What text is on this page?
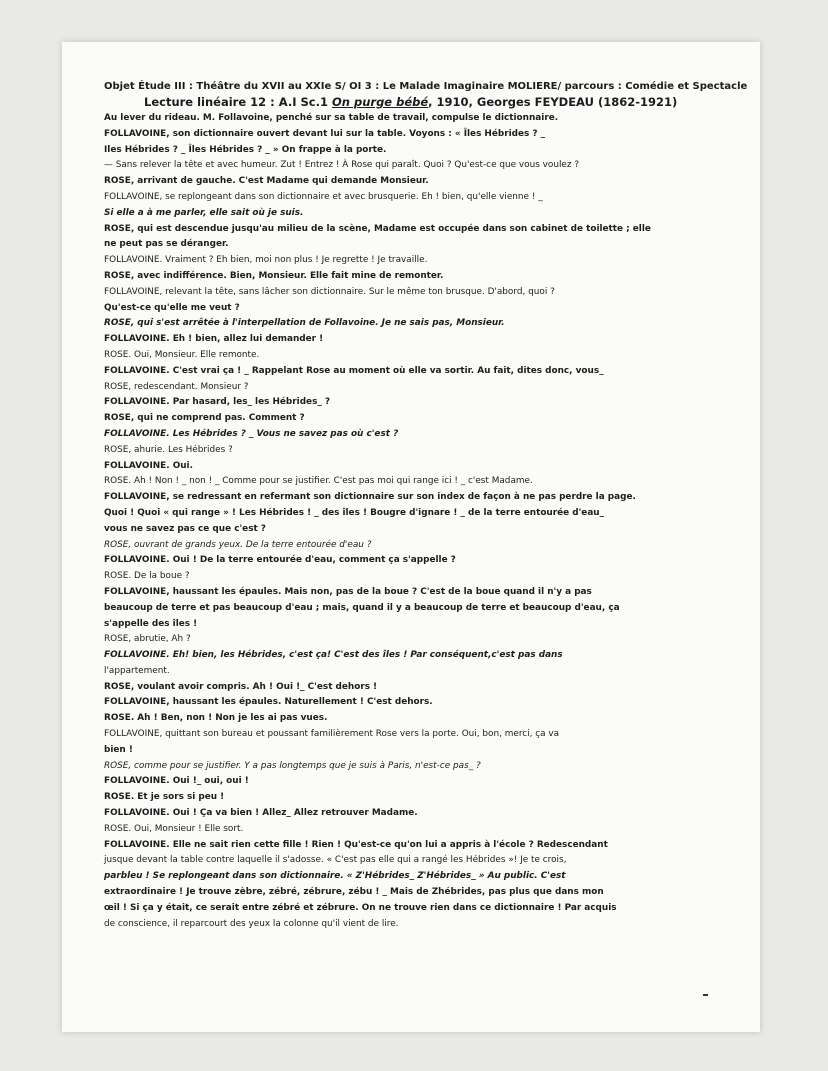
Objet Étude III : Théâtre du XVII au XXIe S/ OI 3 : Le Malade Imaginaire MOLIERE/ parcours : Comédie et Spectacle
Lecture linéaire 12 : A.I Sc.1 On purge bébé, 1910, Georges FEYDEAU (1862-1921)

Au lever du rideau. M. Follavoine, penché sur sa table de travail, compulse le dictionnaire.

FOLLAVOINE, son dictionnaire ouvert devant lui sur la table. Voyons : « Îles Hébrides ? _

Iles Hébrides ? _ Îles Hébrides ? _ » On frappe à la porte.

— Sans relever la tête et avec humeur. Zut ! Entrez ! À Rose qui paraît. Quoi ? Qu'est-ce que vous voulez ?

ROSE, arrivant de gauche. C'est Madame qui demande Monsieur.

FOLLAVOINE, se replongeant dans son dictionnaire et avec brusquerie. Eh ! bien, qu'elle vienne ! _

Si elle a à me parler, elle sait où je suis.

ROSE, qui est descendue jusqu'au milieu de la scène, Madame est occupée dans son cabinet de toilette ; elle

ne peut pas se déranger.

FOLLAVOINE. Vraiment ? Eh bien, moi non plus ! Je regrette ! Je travaille.

ROSE, avec indifférence. Bien, Monsieur. Elle fait mine de remonter.

FOLLAVOINE, relevant la tête, sans lâcher son dictionnaire. Sur le même ton brusque. D'abord, quoi ?

Qu'est-ce qu'elle me veut ?

ROSE, qui s'est arrêtée à l'interpellation de Follavoine. Je ne sais pas, Monsieur.

FOLLAVOINE. Eh ! bien, allez lui demander !

ROSE. Oui, Monsieur. Elle remonte.

FOLLAVOINE. C'est vrai ça ! _ Rappelant Rose au moment où elle va sortir. Au fait, dites donc, vous_

ROSE, redescendant. Monsieur ?

FOLLAVOINE. Par hasard, les_ les Hébrides_ ?

ROSE, qui ne comprend pas. Comment ?

FOLLAVOINE. Les Hébrides ? _ Vous ne savez pas où c'est ?

ROSE, ahurie. Les Hébrides ?

FOLLAVOINE. Oui.

ROSE. Ah ! Non ! _ non ! _ Comme pour se justifier. C'est pas moi qui range ici ! _ c'est Madame.

FOLLAVOINE, se redressant en refermant son dictionnaire sur son index de façon à ne pas perdre la page.

Quoi ! Quoi « qui range » ! Les Hébrides ! _ des îles ! Bougre d'ignare ! _ de la terre entourée d'eau_

vous ne savez pas ce que c'est ?

ROSE, ouvrant de grands yeux. De la terre entourée d'eau ?

FOLLAVOINE. Oui ! De la terre entourée d'eau, comment ça s'appelle ?

ROSE. De la boue ?

FOLLAVOINE, haussant les épaules. Mais non, pas de la boue ? C'est de la boue quand il n'y a pas

beaucoup de terre et pas beaucoup d'eau ; mais, quand il y a beaucoup de terre et beaucoup d'eau, ça

s'appelle des îles !

ROSE, abrutie, Ah ?

FOLLAVOINE. Eh! bien, les Hébrides, c'est ça! C'est des îles ! Par conséquent,c'est pas dans

l'appartement.

ROSE, voulant avoir compris. Ah ! Oui !_ C'est dehors !

FOLLAVOINE, haussant les épaules. Naturellement ! C'est dehors.

ROSE. Ah ! Ben, non ! Non je les ai pas vues.

FOLLAVOINE, quittant son bureau et poussant familièrement Rose vers la porte. Oui, bon, merci, ça va

bien !

ROSE, comme pour se justifier. Y a pas longtemps que je suis à Paris, n'est-ce pas_ ?

FOLLAVOINE. Oui !_ oui, oui !

ROSE. Et je sors si peu !

FOLLAVOINE. Oui ! Ça va bien ! Allez_ Allez retrouver Madame.

ROSE. Oui, Monsieur ! Elle sort.

FOLLAVOINE. Elle ne sait rien cette fille ! Rien ! Qu'est-ce qu'on lui a appris à l'école ? Redescendant

jusque devant la table contre laquelle il s'adosse. « C'est pas elle qui a rangé les Hébrides »! Je te crois,

parbleu ! Se replongeant dans son dictionnaire. « Z'Hébrides_ Z'Hébrides_ » Au public. C'est

extraordinaire ! Je trouve zèbre, zébré, zébrure, zébu ! _ Mais de Zhébrides, pas plus que dans mon

œil ! Si ça y était, ce serait entre zébré et zébrure. On ne trouve rien dans ce dictionnaire ! Par acquis

de conscience, il reparcourt des yeux la colonne qu'il vient de lire.
